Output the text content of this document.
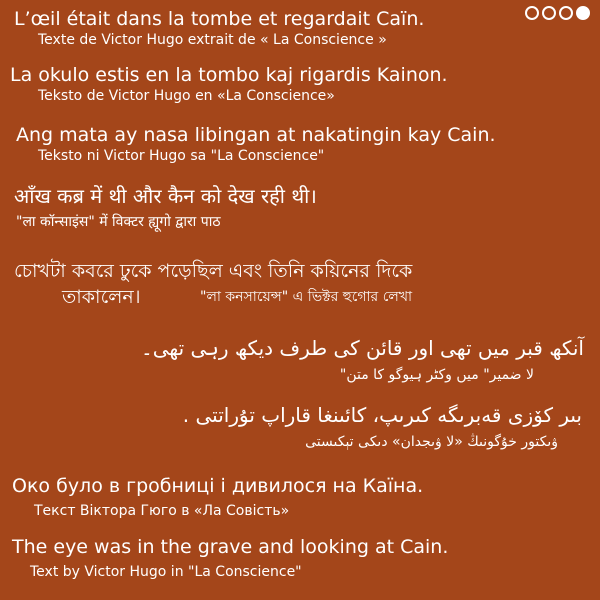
L’œil était dans la tombe et regardait Caïn.
Texte de Victor Hugo extrait de « La Conscience »
La okulo estis en la tombo kaj rigardis Kainon.
Teksto de Victor Hugo en «La Conscience»
Ang mata ay nasa libingan at nakatingin kay Cain.
Teksto ni Victor Hugo sa "La Conscience"
आँख कब्र में थी और कैन को देख रही थी।
"ला कॉन्साइंस" में विक्टर ह्यूगो द्वारा पाठ
চোখটা কবরে ঢুকে পড়েছিল এবং তিনি কয়িনের দিকে
তাকালেন।	"লা কনসায়েন্স" এ ভিক্টর হুগোর লেখা
آنکھ قبر میں تھی اور قائن کی طرف دیکھ رہی تھی۔
لا ضمیر" میں وکٹر ہیوگو کا متن"
بىر كۆزى قەبرىگە كىرىپ، كائىنغا قاراپ تۇراتتى .
ۋىكتور خۇگونىڭ «لا ۋىجدان» دىكى تېكىستى
Око було в гробниці і дивилося на Каїна.
Текст Віктора Гюго в «Ла Совість»
The eye was in the grave and looking at Cain.
Text by Victor Hugo in "La Conscience"
